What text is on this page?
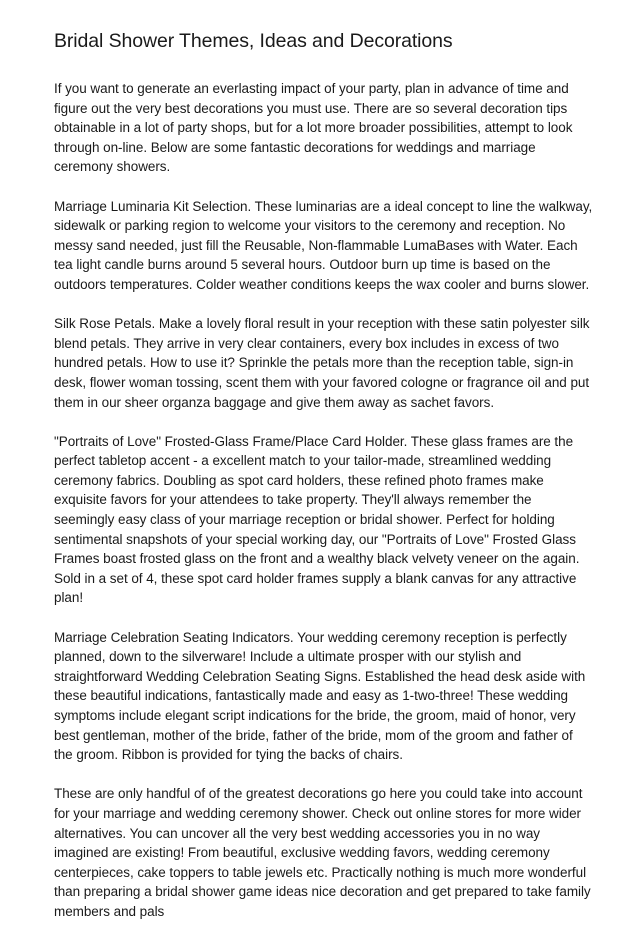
Bridal Shower Themes, Ideas and Decorations

If you want to generate an everlasting impact of your party, plan in advance of time and figure out the very best decorations you must use. There are so several decoration tips obtainable in a lot of party shops, but for a lot more broader possibilities, attempt to look through on-line. Below are some fantastic decorations for weddings and marriage ceremony showers.

Marriage Luminaria Kit Selection. These luminarias are a ideal concept to line the walkway, sidewalk or parking region to welcome your visitors to the ceremony and reception. No messy sand needed, just fill the Reusable, Non-flammable LumaBases with Water. Each tea light candle burns around 5 several hours. Outdoor burn up time is based on the outdoors temperatures. Colder weather conditions keeps the wax cooler and burns slower.

Silk Rose Petals. Make a lovely floral result in your reception with these satin polyester silk blend petals. They arrive in very clear containers, every box includes in excess of two hundred petals. How to use it? Sprinkle the petals more than the reception table, sign-in desk, flower woman tossing, scent them with your favored cologne or fragrance oil and put them in our sheer organza baggage and give them away as sachet favors.

"Portraits of Love" Frosted-Glass Frame/Place Card Holder. These glass frames are the perfect tabletop accent - a excellent match to your tailor-made, streamlined wedding ceremony fabrics. Doubling as spot card holders, these refined photo frames make exquisite favors for your attendees to take property. They'll always remember the seemingly easy class of your marriage reception or bridal shower. Perfect for holding sentimental snapshots of your special working day, our "Portraits of Love" Frosted Glass Frames boast frosted glass on the front and a wealthy black velvety veneer on the again. Sold in a set of 4, these spot card holder frames supply a blank canvas for any attractive plan!

Marriage Celebration Seating Indicators. Your wedding ceremony reception is perfectly planned, down to the silverware! Include a ultimate prosper with our stylish and straightforward Wedding Celebration Seating Signs. Established the head desk aside with these beautiful indications, fantastically made and easy as 1-two-three! These wedding symptoms include elegant script indications for the bride, the groom, maid of honor, very best gentleman, mother of the bride, father of the bride, mom of the groom and father of the groom. Ribbon is provided for tying the backs of chairs.

These are only handful of of the greatest decorations go here you could take into account for your marriage and wedding ceremony shower. Check out online stores for more wider alternatives. You can uncover all the very best wedding accessories you in no way imagined are existing! From beautiful, exclusive wedding favors, wedding ceremony centerpieces, cake toppers to table jewels etc. Practically nothing is much more wonderful than preparing a bridal shower game ideas nice decoration and get prepared to take family members and pals
